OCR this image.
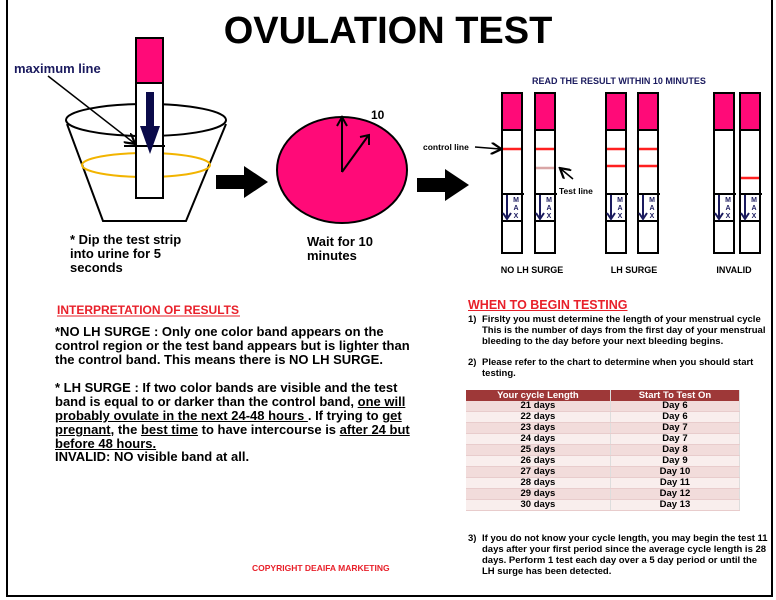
OVULATION TEST
M
A
X
M
A
X
M
A
X
M
A
X
M
A
X
M
A
X
maximum line
* Dip the test strip into urine for 5 seconds
10
Wait for 10 minutes
READ THE RESULT WITHIN 10 MINUTES
control line
Test line
NO LH SURGE	LH SURGE	INVALID
INTERPRETATION OF RESULTS
*NO LH SURGE : Only one color band appears on the control region or the test band appears but is lighter than the control band. This means there is NO LH SURGE.
* LH SURGE : If two color bands are visible and the test band is equal to or darker than the control band, one will probably ovulate in the next 24-48 hours . If trying to get pregnant, the best time to have intercourse is after 24 but before 48 hours.
INVALID: NO visible band at all.
WHEN TO BEGIN TESTING
1) Firslty you must determine the length of your menstrual cycle This is the number of days from the first day of your menstrual bleeding to the day before your next bleeding begins.
2) Please refer to the chart to determine when you should start testing.
Your cycle Length	Start To Test On
21 days	Day 6
22 days	Day 6
23 days	Day 7
24 days	Day 7
25 days	Day 8
26 days	Day 9
27 days	Day 10
28 days	Day 11
29 days	Day 12
30 days	Day 13
3) If you do not know your cycle length, you may begin the test 11 days after your first period since the average cycle length is 28 days. Perform 1 test each day over a 5 day period or until the LH surge has been detected.
COPYRIGHT DEAIFA MARKETING
